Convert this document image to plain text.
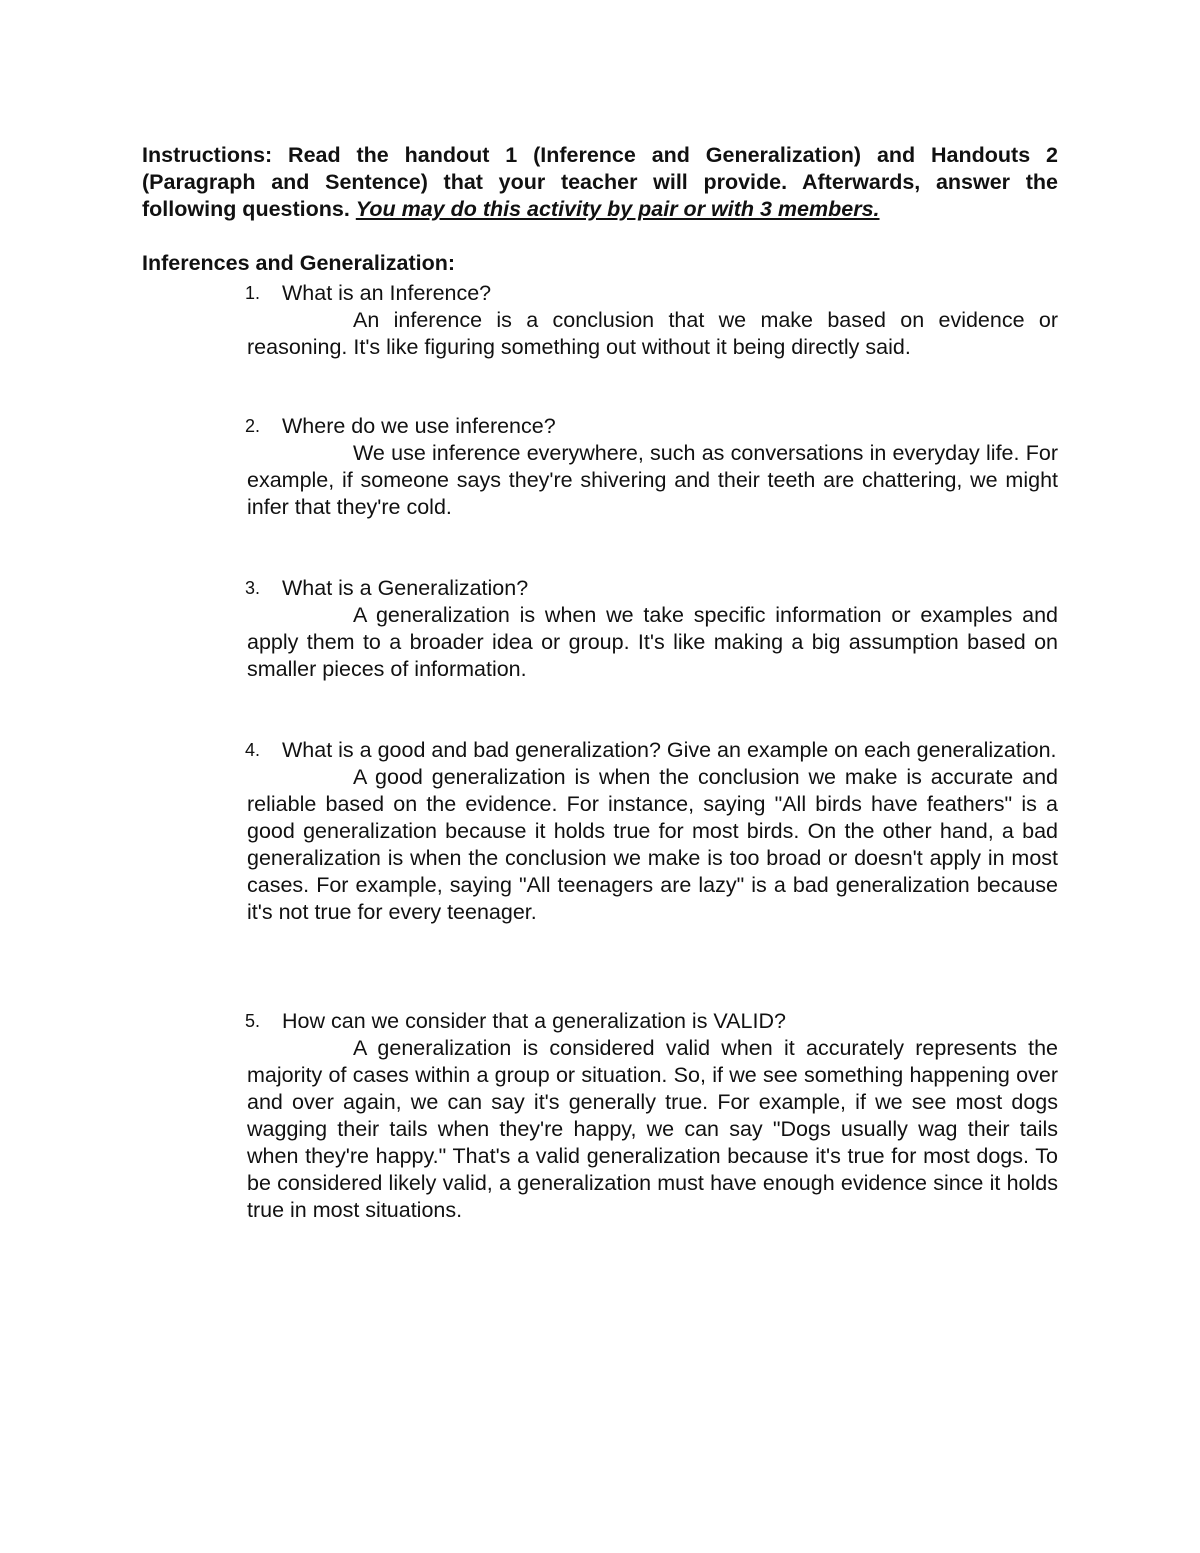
Instructions: Read the handout 1 (Inference and Generalization) and Handouts 2 (Paragraph and Sentence) that your teacher will provide. Afterwards, answer the following questions. You may do this activity by pair or with 3 members.

Inferences and Generalization:

1.	What is an Inference?
An inference is a conclusion that we make based on evidence or reasoning. It's like figuring something out without it being directly said.
2.	Where do we use inference?
We use inference everywhere, such as conversations in everyday life. For example, if someone says they're shivering and their teeth are chattering, we might infer that they're cold.
3.	What is a Generalization?
A generalization is when we take specific information or examples and apply them to a broader idea or group. It's like making a big assumption based on smaller pieces of information.
4.	What is a good and bad generalization? Give an example on each generalization.
A good generalization is when the conclusion we make is accurate and reliable based on the evidence. For instance, saying "All birds have feathers" is a good generalization because it holds true for most birds. On the other hand, a bad generalization is when the conclusion we make is too broad or doesn't apply in most cases. For example, saying "All teenagers are lazy" is a bad generalization because it's not true for every teenager.
5.	How can we consider that a generalization is VALID?
A generalization is considered valid when it accurately represents the majority of cases within a group or situation. So, if we see something happening over and over again, we can say it's generally true. For example, if we see most dogs wagging their tails when they're happy, we can say "Dogs usually wag their tails when they're happy." That's a valid generalization because it's true for most dogs. To be considered likely valid, a generalization must have enough evidence since it holds true in most situations.
